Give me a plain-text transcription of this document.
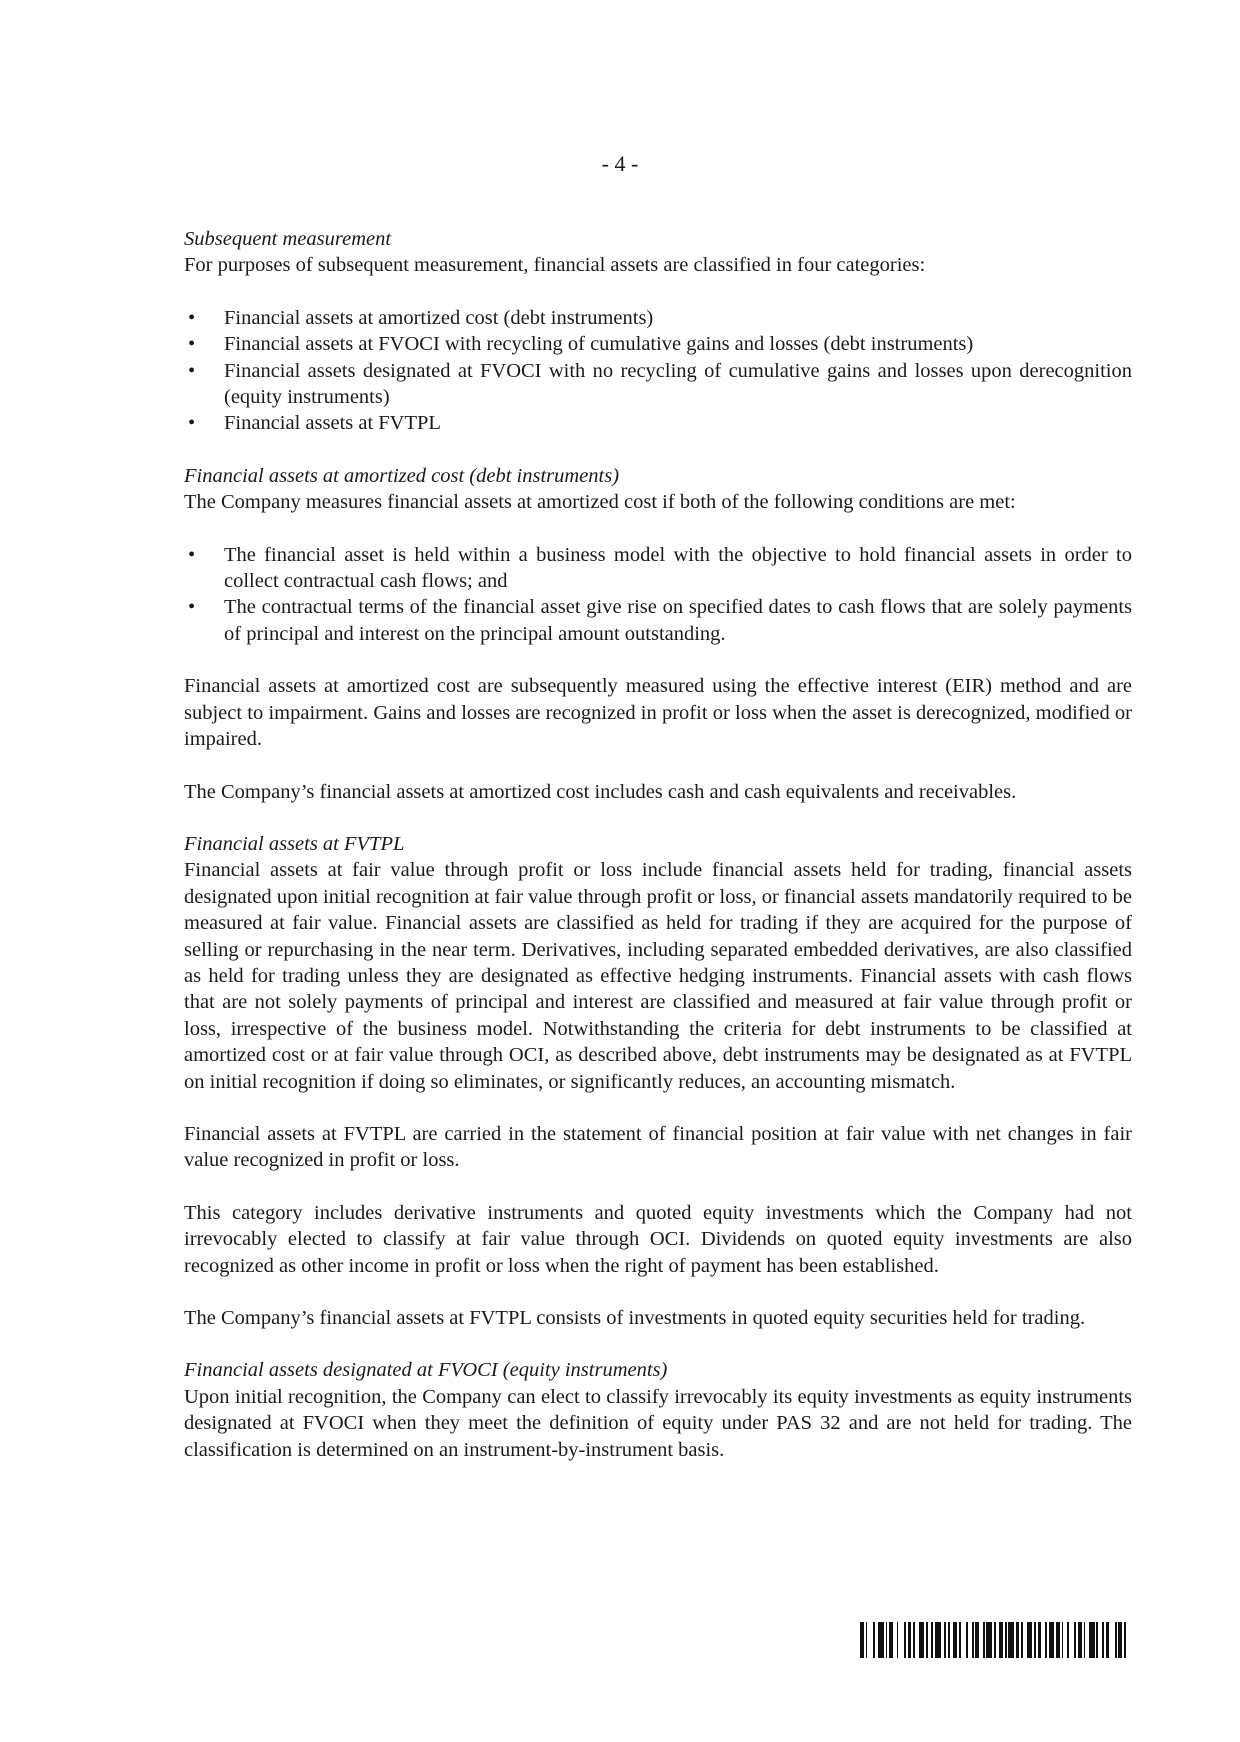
- 4 -
Subsequent measurement

For purposes of subsequent measurement, financial assets are classified in four categories:

• Financial assets at amortized cost (debt instruments)
• Financial assets at FVOCI with recycling of cumulative gains and losses (debt instruments)
• Financial assets designated at FVOCI with no recycling of cumulative gains and losses upon derecognition (equity instruments)
• Financial assets at FVTPL
Financial assets at amortized cost (debt instruments)

The Company measures financial assets at amortized cost if both of the following conditions are met:

• The financial asset is held within a business model with the objective to hold financial assets in order to collect contractual cash flows; and
• The contractual terms of the financial asset give rise on specified dates to cash flows that are solely payments of principal and interest on the principal amount outstanding.

Financial assets at amortized cost are subsequently measured using the effective interest (EIR) method and are subject to impairment. Gains and losses are recognized in profit or loss when the asset is derecognized, modified or impaired.

The Company’s financial assets at amortized cost includes cash and cash equivalents and receivables.

Financial assets at FVTPL

Financial assets at fair value through profit or loss include financial assets held for trading, financial assets designated upon initial recognition at fair value through profit or loss, or financial assets mandatorily required to be measured at fair value. Financial assets are classified as held for trading if they are acquired for the purpose of selling or repurchasing in the near term. Derivatives, including separated embedded derivatives, are also classified as held for trading unless they are designated as effective hedging instruments. Financial assets with cash flows that are not solely payments of principal and interest are classified and measured at fair value through profit or loss, irrespective of the business model. Notwithstanding the criteria for debt instruments to be classified at amortized cost or at fair value through OCI, as described above, debt instruments may be designated as at FVTPL on initial recognition if doing so eliminates, or significantly reduces, an accounting mismatch.

Financial assets at FVTPL are carried in the statement of financial position at fair value with net changes in fair value recognized in profit or loss.

This category includes derivative instruments and quoted equity investments which the Company had not irrevocably elected to classify at fair value through OCI. Dividends on quoted equity investments are also recognized as other income in profit or loss when the right of payment has been established.

The Company’s financial assets at FVTPL consists of investments in quoted equity securities held for trading.

Financial assets designated at FVOCI (equity instruments)

Upon initial recognition, the Company can elect to classify irrevocably its equity investments as equity instruments designated at FVOCI when they meet the definition of equity under PAS 32 and are not held for trading. The classification is determined on an instrument-by-instrument basis.
